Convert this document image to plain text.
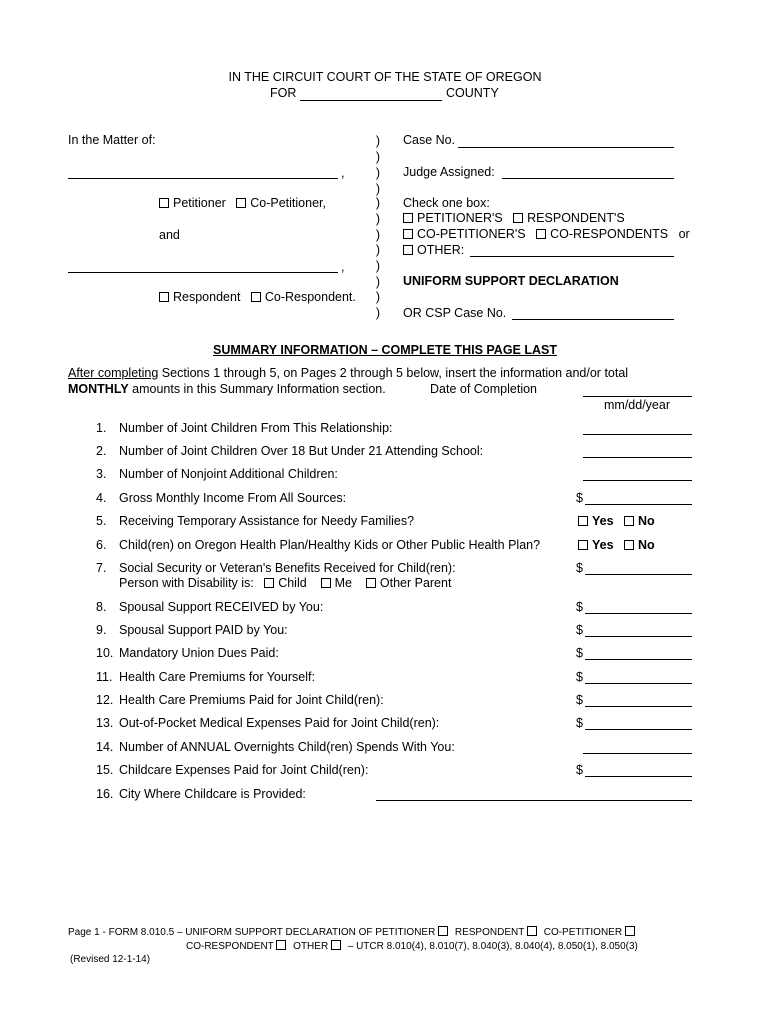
IN THE CIRCUIT COURT OF THE STATE OF OREGON
FOR	COUNTY
In the Matter of:
,
Petitioner Co-Petitioner,
and
,
Respondent Co-Respondent.
)
)
)
)
)
)
)
)
)
)
)
)
Case No.
Judge Assigned:
Check one box:
PETITIONER'S RESPONDENT'S
CO-PETITIONER'S CO-RESPONDENTS or
OTHER:
UNIFORM SUPPORT DECLARATION
OR CSP Case No.
SUMMARY INFORMATION – COMPLETE THIS PAGE LAST
After completing Sections 1 through 5, on Pages 2 through 5 below, insert the information and/or total
MONTHLY amounts in this Summary Information section.	Date of Completion
mm/dd/year
1. Number of Joint Children From This Relationship:
2. Number of Joint Children Over 18 But Under 21 Attending School:
3. Number of Nonjoint Additional Children:
4. Gross Monthly Income From All Sources:	$
5. Receiving Temporary Assistance for Needy Families?	Yes No
6. Child(ren) on Oregon Health Plan/Healthy Kids or Other Public Health Plan?	Yes No
7. Social Security or Veteran's Benefits Received for Child(ren):
Person with Disability is: Child Me Other Parent
$
8. Spousal Support RECEIVED by You:	$
9. Spousal Support PAID by You:	$
10. Mandatory Union Dues Paid:	$
11. Health Care Premiums for Yourself:	$
12. Health Care Premiums Paid for Joint Child(ren):	$
13. Out-of-Pocket Medical Expenses Paid for Joint Child(ren):	$
14. Number of ANNUAL Overnights Child(ren) Spends With You:
15. Childcare Expenses Paid for Joint Child(ren):	$
16. City Where Childcare is Provided:
Page 1 - FORM 8.010.5 – UNIFORM SUPPORT DECLARATION OF PETITIONER RESPONDENT CO-PETITIONER
CO-RESPONDENT OTHER – UTCR 8.010(4), 8.010(7), 8.040(3), 8.040(4), 8.050(1), 8.050(3)
(Revised 12-1-14)
